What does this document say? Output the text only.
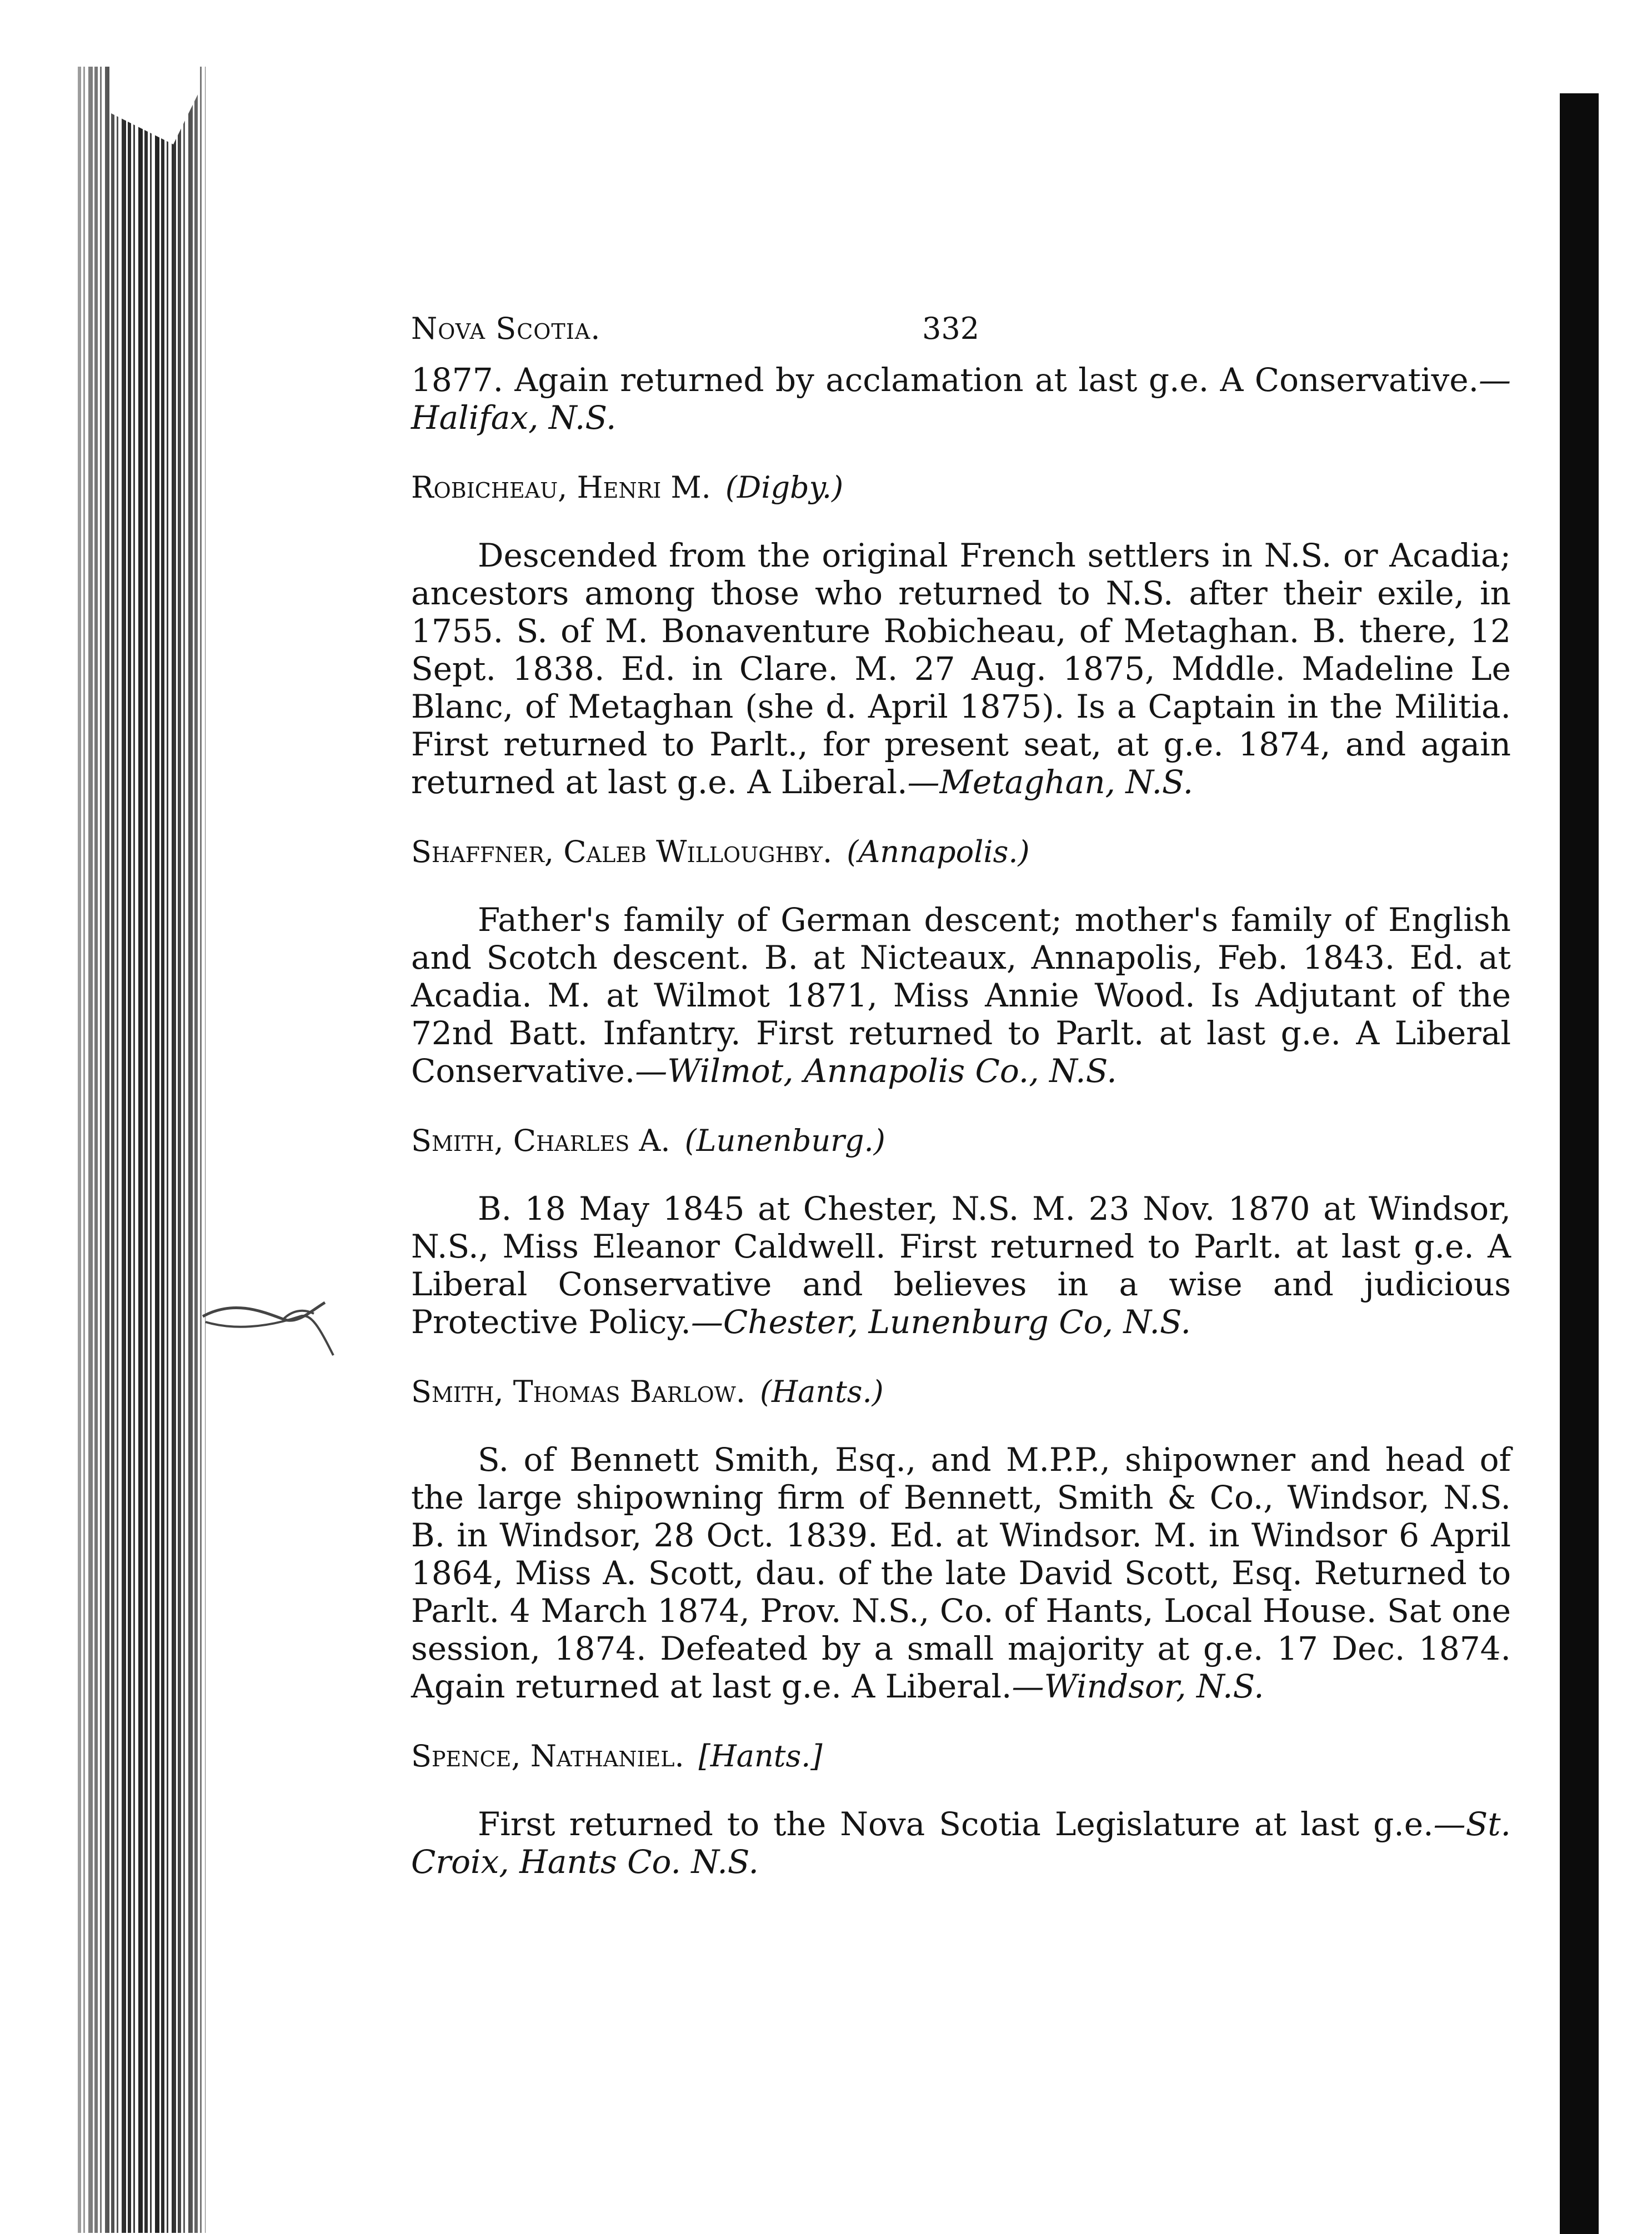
Nova Scotia.	332

1877. Again returned by acclamation at last g.e. A Conservative.—Halifax, N.S.

Robicheau, Henri M. (Digby.)

Descended from the original French settlers in N.S. or Acadia; ancestors among those who returned to N.S. after their exile, in 1755. S. of M. Bonaventure Robicheau, of Metaghan. B. there, 12 Sept. 1838. Ed. in Clare. M. 27 Aug. 1875, Mddle. Madeline Le Blanc, of Metaghan (she d. April 1875). Is a Captain in the Militia. First returned to Parlt., for present seat, at g.e. 1874, and again returned at last g.e. A Liberal.—Metaghan, N.S.

Shaffner, Caleb Willoughby. (Annapolis.)

Father's family of German descent; mother's family of English and Scotch descent. B. at Nicteaux, Annapolis, Feb. 1843. Ed. at Acadia. M. at Wilmot 1871, Miss Annie Wood. Is Adjutant of the 72nd Batt. Infantry. First returned to Parlt. at last g.e. A Liberal Conservative.—Wilmot, Annapolis Co., N.S.

Smith, Charles A. (Lunenburg.)

B. 18 May 1845 at Chester, N.S. M. 23 Nov. 1870 at Windsor, N.S., Miss Eleanor Caldwell. First returned to Parlt. at last g.e. A Liberal Conservative and believes in a wise and judicious Protective Policy.—Chester, Lunenburg Co, N.S.

Smith, Thomas Barlow. (Hants.)

S. of Bennett Smith, Esq., and M.P.P., shipowner and head of the large shipowning firm of Bennett, Smith & Co., Windsor, N.S. B. in Windsor, 28 Oct. 1839. Ed. at Windsor. M. in Windsor 6 April 1864, Miss A. Scott, dau. of the late David Scott, Esq. Returned to Parlt. 4 March 1874, Prov. N.S., Co. of Hants, Local House. Sat one session, 1874. Defeated by a small majority at g.e. 17 Dec. 1874. Again returned at last g.e. A Liberal.—Windsor, N.S.

Spence, Nathaniel. [Hants.]

First returned to the Nova Scotia Legislature at last g.e.—St. Croix, Hants Co. N.S.
